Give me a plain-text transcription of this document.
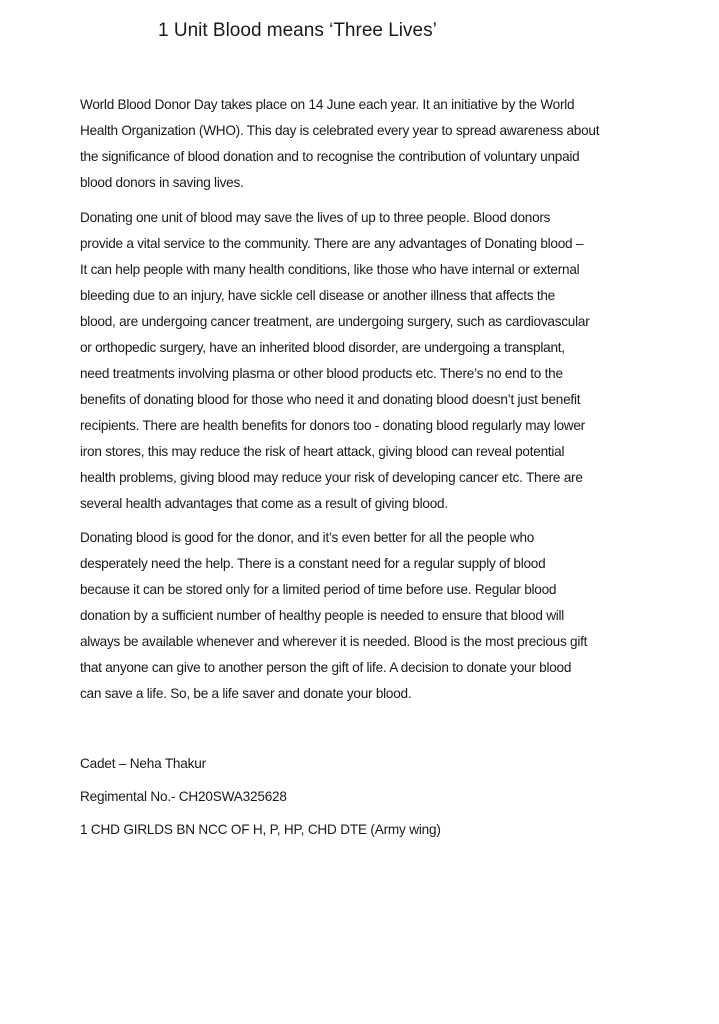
1 Unit Blood means ‘Three Lives’
World Blood Donor Day takes place on 14 June each year. It an initiative by the World
Health Organization (WHO). This day is celebrated every year to spread awareness about
the significance of blood donation and to recognise the contribution of voluntary unpaid
blood donors in saving lives.
Donating one unit of blood may save the lives of up to three people. Blood donors
provide a vital service to the community. There are any advantages of Donating blood –
It can help people with many health conditions, like those who have internal or external
bleeding due to an injury, have sickle cell disease or another illness that affects the
blood, are undergoing cancer treatment, are undergoing surgery, such as cardiovascular
or orthopedic surgery, have an inherited blood disorder, are undergoing a transplant,
need treatments involving plasma or other blood products etc. There’s no end to the
benefits of donating blood for those who need it and donating blood doesn’t just benefit
recipients. There are health benefits for donors too - donating blood regularly may lower
iron stores, this may reduce the risk of heart attack, giving blood can reveal potential
health problems, giving blood may reduce your risk of developing cancer etc. There are
several health advantages that come as a result of giving blood.
Donating blood is good for the donor, and it’s even better for all the people who
desperately need the help. There is a constant need for a regular supply of blood
because it can be stored only for a limited period of time before use. Regular blood
donation by a sufficient number of healthy people is needed to ensure that blood will
always be available whenever and wherever it is needed. Blood is the most precious gift
that anyone can give to another person the gift of life. A decision to donate your blood
can save a life. So, be a life saver and donate your blood.
Cadet – Neha Thakur
Regimental No.- CH20SWA325628
1 CHD GIRLDS BN NCC OF H, P, HP, CHD DTE (Army wing)
